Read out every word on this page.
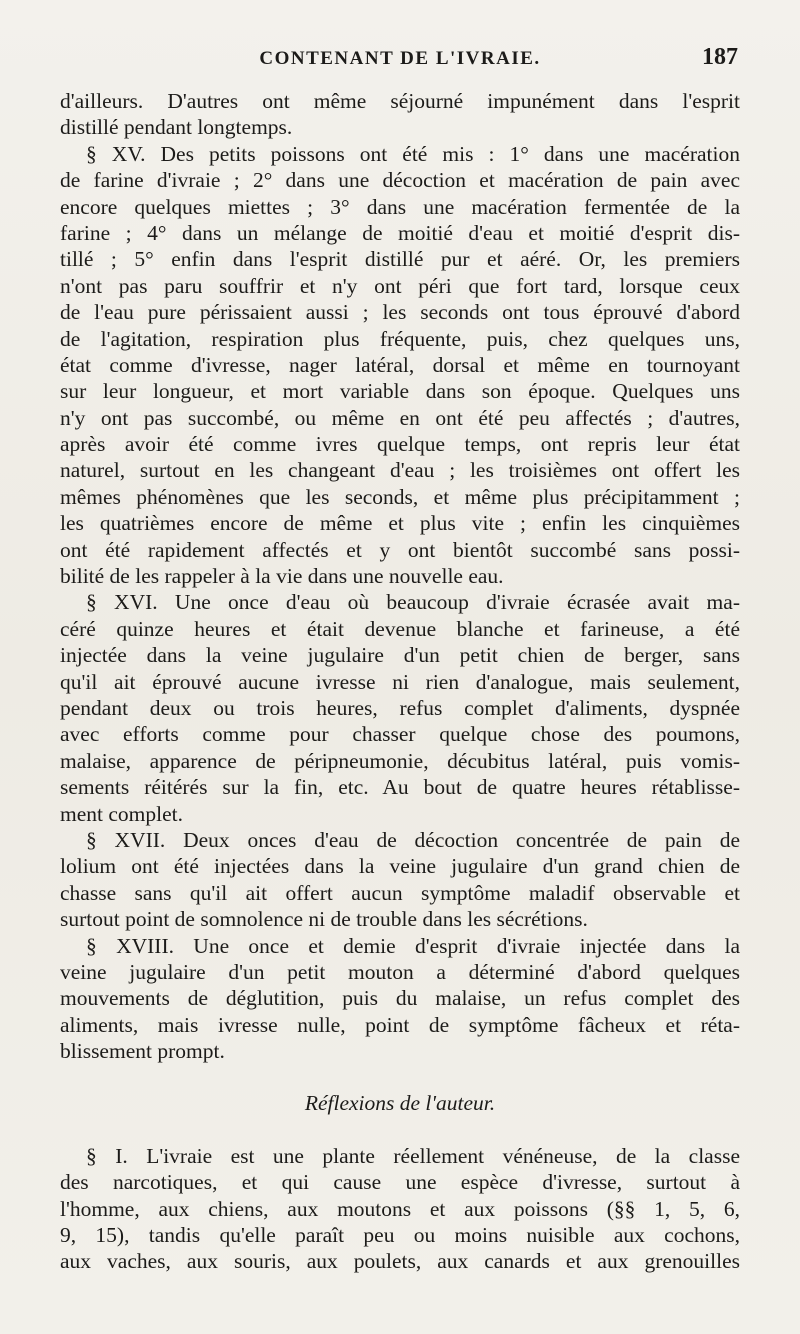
CONTENANT DE L'IVRAIE.	187
d'ailleurs. D'autres ont même séjourné impunément dans l'esprit
distillé pendant longtemps.
§ XV. Des petits poissons ont été mis : 1° dans une macération
de farine d'ivraie ; 2° dans une décoction et macération de pain avec
encore quelques miettes ; 3° dans une macération fermentée de la
farine ; 4° dans un mélange de moitié d'eau et moitié d'esprit dis-
tillé ; 5° enfin dans l'esprit distillé pur et aéré. Or, les premiers
n'ont pas paru souffrir et n'y ont péri que fort tard, lorsque ceux
de l'eau pure périssaient aussi ; les seconds ont tous éprouvé d'abord
de l'agitation, respiration plus fréquente, puis, chez quelques uns,
état comme d'ivresse, nager latéral, dorsal et même en tournoyant
sur leur longueur, et mort variable dans son époque. Quelques uns
n'y ont pas succombé, ou même en ont été peu affectés ; d'autres,
après avoir été comme ivres quelque temps, ont repris leur état
naturel, surtout en les changeant d'eau ; les troisièmes ont offert les
mêmes phénomènes que les seconds, et même plus précipitamment ;
les quatrièmes encore de même et plus vite ; enfin les cinquièmes
ont été rapidement affectés et y ont bientôt succombé sans possi-
bilité de les rappeler à la vie dans une nouvelle eau.
§ XVI. Une once d'eau où beaucoup d'ivraie écrasée avait ma-
céré quinze heures et était devenue blanche et farineuse, a été
injectée dans la veine jugulaire d'un petit chien de berger, sans
qu'il ait éprouvé aucune ivresse ni rien d'analogue, mais seulement,
pendant deux ou trois heures, refus complet d'aliments, dyspnée
avec efforts comme pour chasser quelque chose des poumons,
malaise, apparence de péripneumonie, décubitus latéral, puis vomis-
sements réitérés sur la fin, etc. Au bout de quatre heures rétablisse-
ment complet.
§ XVII. Deux onces d'eau de décoction concentrée de pain de
lolium ont été injectées dans la veine jugulaire d'un grand chien de
chasse sans qu'il ait offert aucun symptôme maladif observable et
surtout point de somnolence ni de trouble dans les sécrétions.
§ XVIII. Une once et demie d'esprit d'ivraie injectée dans la
veine jugulaire d'un petit mouton a déterminé d'abord quelques
mouvements de déglutition, puis du malaise, un refus complet des
aliments, mais ivresse nulle, point de symptôme fâcheux et réta-
blissement prompt.
Réflexions de l'auteur.
§ I. L'ivraie est une plante réellement vénéneuse, de la classe
des narcotiques, et qui cause une espèce d'ivresse, surtout à
l'homme, aux chiens, aux moutons et aux poissons (§§ 1, 5, 6,
9, 15), tandis qu'elle paraît peu ou moins nuisible aux cochons,
aux vaches, aux souris, aux poulets, aux canards et aux grenouilles
